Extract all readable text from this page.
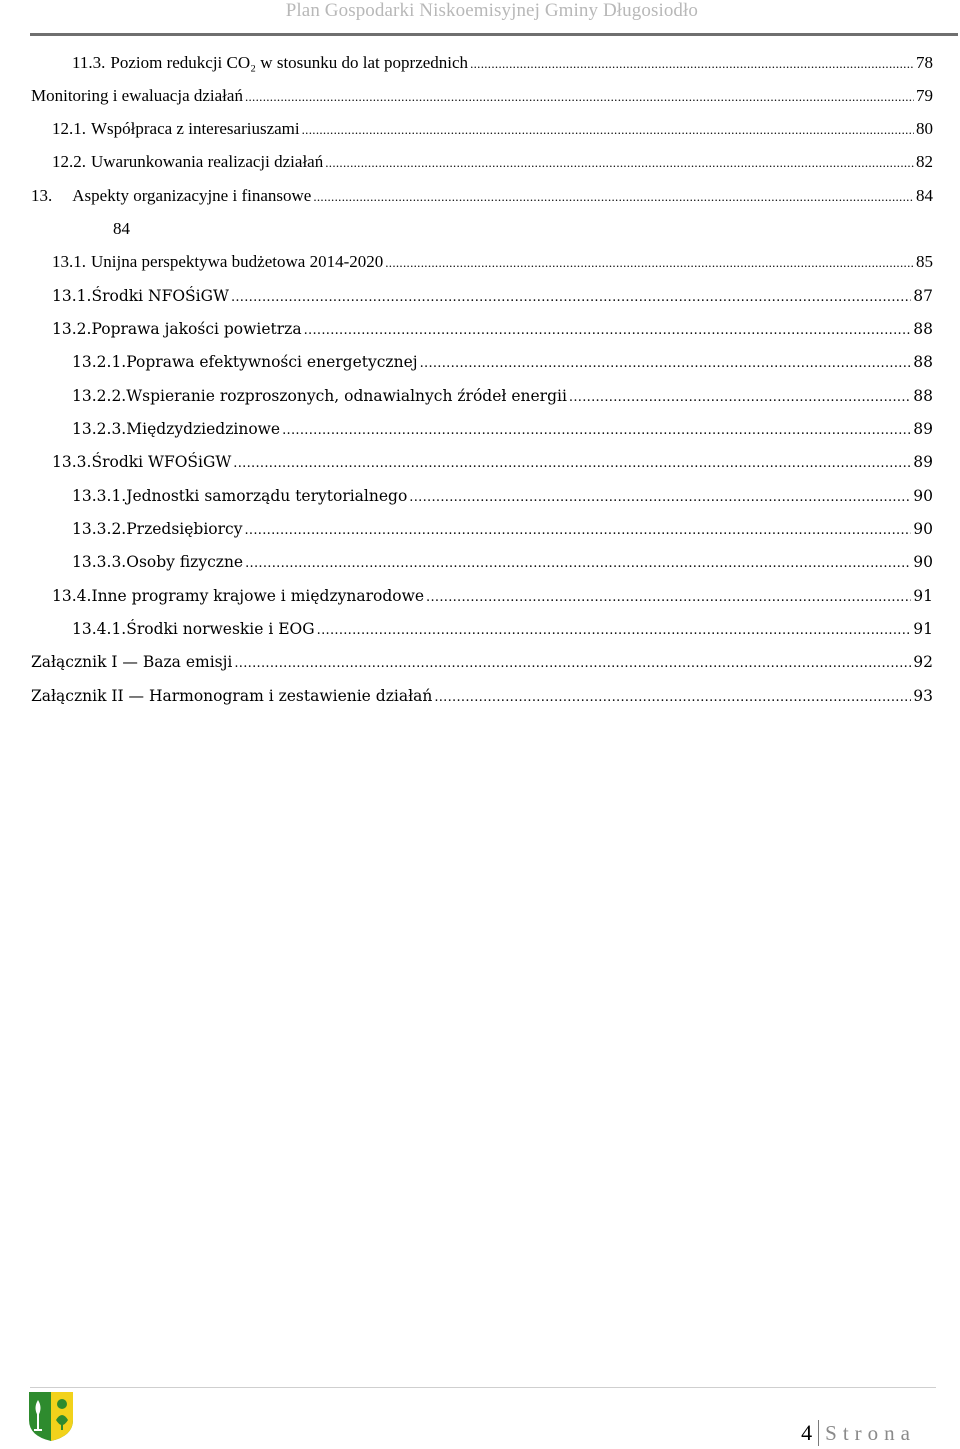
Plan Gospodarki Niskoemisyjnej Gminy Długosiodło
11.3. Poziom redukcji CO₂ w stosunku do lat poprzednich .....	78
Monitoring i ewaluacja działań .....	79
12.1. Współpraca z interesariuszami .....	80
12.2. Uwarunkowania realizacji działań .....	82
13.	Aspekty organizacyjne i finansowe .....	84
84
13.1. Unijna perspektywa budżetowa 2014-2020 .....	85
13.1. Środki NFOŚiGW .....	87
13.2. Poprawa jakości powietrza .....	88
13.2.1. Poprawa efektywności energetycznej .....	88
13.2.2. Wspieranie rozproszonych, odnawialnych źródeł energii .....	88
13.2.3. Międzydziedzinowe .....	89
13.3. Środki WFOŚiGW .....	89
13.3.1. Jednostki samorządu terytorialnego .....	90
13.3.2. Przedsiębiorcy .....	90
13.3.3. Osoby fizyczne .....	90
13.4. Inne programy krajowe i międzynarodowe .....	91
13.4.1. Środki norweskie i EOG .....	91
Załącznik I — Baza emisji .....	92
Załącznik II — Harmonogram i zestawienie działań .....	93
4 Strona
